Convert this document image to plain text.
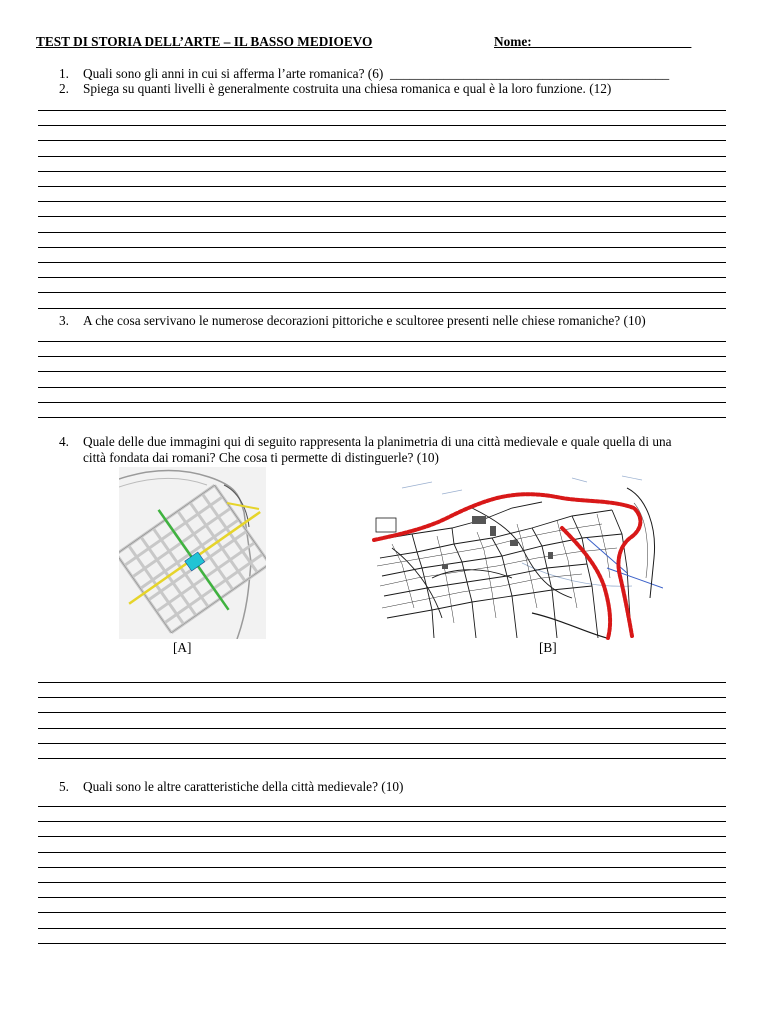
TEST DI STORIA DELL’ARTE – IL BASSO MEDIOEVO	Nome:________________________
1. Quali sono gli anni in cui si afferma l’arte romanica? (6) __________________________________________
2. Spiega su quanti livelli è generalmente costruita una chiesa romanica e qual è la loro funzione. (12)
3. A che cosa servivano le numerose decorazioni pittoriche e scultoree presenti nelle chiese romaniche? (10)
4. Quale delle due immagini qui di seguito rappresenta la planimetria di una città medievale e quale quella di una
città fondata dai romani? Che cosa ti permette di distinguerle? (10)
[A]	[B]
5. Quali sono le altre caratteristiche della città medievale? (10)
